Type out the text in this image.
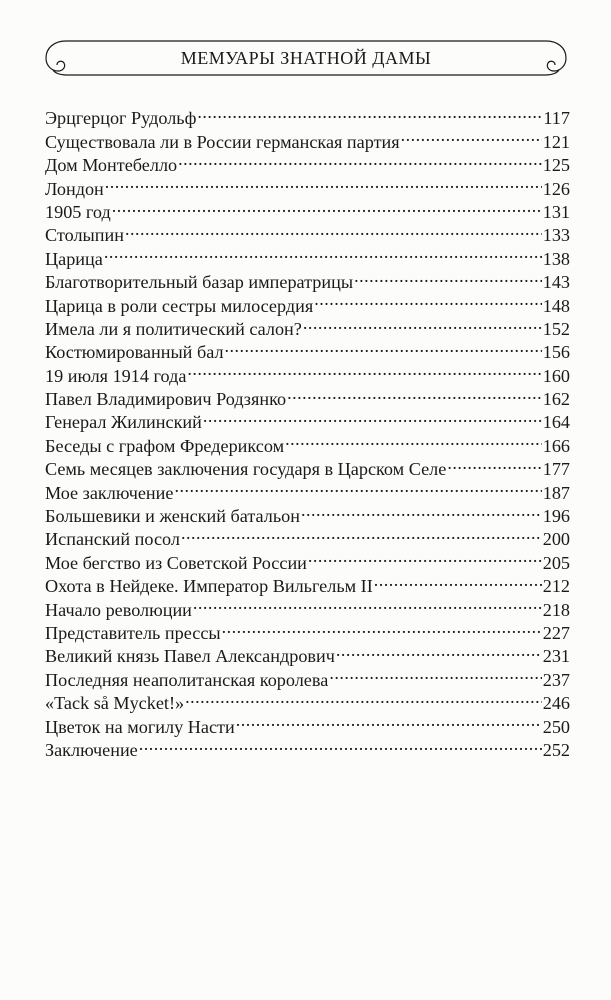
МЕМУАРЫ ЗНАТНОЙ ДАМЫ
Эрцгерцог Рудольф . . .	117
Существовала ли в России германская партия . . .	121
Дом Монтебелло . . .	125
Лондон . . .	126
1905 год . . .	131
Столыпин . . .	133
Царица . . .	138
Благотворительный базар императрицы . . .	143
Царица в роли сестры милосердия . . .	148
Имела ли я политический салон? . . .	152
Костюмированный бал . . .	156
19 июля 1914 года . . .	160
Павел Владимирович Родзянко . . .	162
Генерал Жилинский . . .	164
Беседы с графом Фредериксом . . .	166
Семь месяцев заключения государя в Царском Селе . . .	177
Мое заключение . . .	187
Большевики и женский батальон . . .	196
Испанский посол . . .	200
Мое бегство из Советской России . . .	205
Охота в Нейдеке. Император Вильгельм II . . .	212
Начало революции . . .	218
Представитель прессы . . .	227
Великий князь Павел Александрович . . .	231
Последняя неаполитанская королева . . .	237
«Tack så Mycket!» . . .	246
Цветок на могилу Насти . . .	250
Заключение . . .	252
